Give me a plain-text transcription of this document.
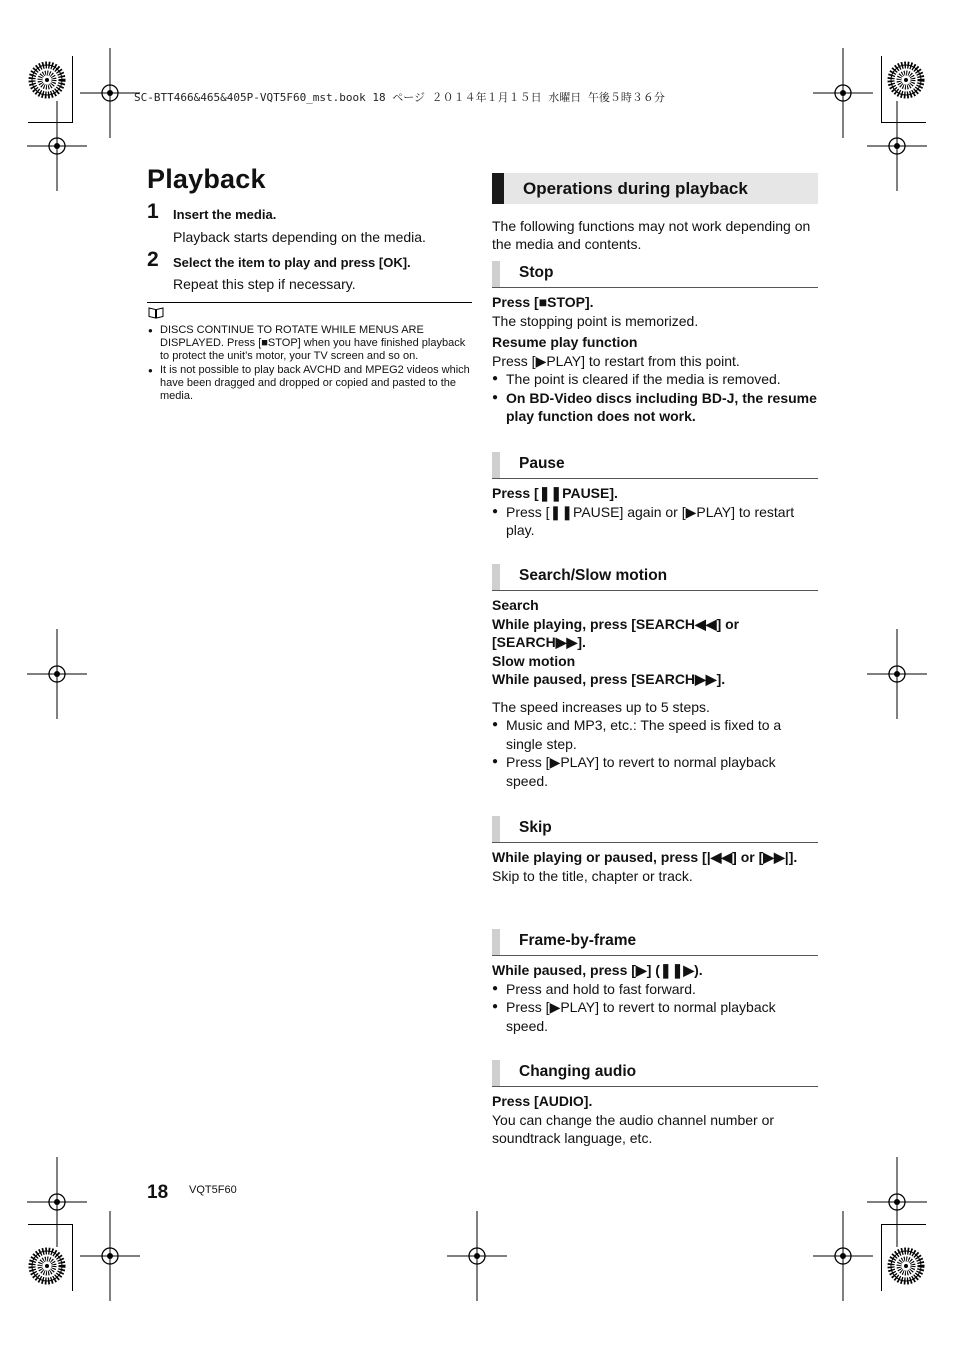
SC-BTT466&465&405P-VQT5F60_mst.book 18 ページ ２０１４年１月１５日 水曜日 午後５時３６分
Playback
1 Insert the media.
Playback starts depending on the media.
2 Select the item to play and press [OK].
Repeat this step if necessary.
● DISCS CONTINUE TO ROTATE WHILE MENUS ARE DISPLAYED. Press [■STOP] when you have finished playback to protect the unit’s motor, your TV screen and so on.
● It is not possible to play back AVCHD and MPEG2 videos which have been dragged and dropped or copied and pasted to the media.
Operations during playback
The following functions may not work depending on the media and contents.
Stop
Press [■STOP].
The stopping point is memorized.
Resume play function
Press [▶PLAY] to restart from this point.
● The point is cleared if the media is removed.
● On BD-Video discs including BD-J, the resume play function does not work.
Pause
Press [❚❚PAUSE].
● Press [❚❚PAUSE] again or [▶PLAY] to restart play.
Search/Slow motion
Search
While playing, press [SEARCH◀◀] or [SEARCH▶▶].
Slow motion
While paused, press [SEARCH▶▶].
The speed increases up to 5 steps.
● Music and MP3, etc.: The speed is fixed to a single step.
● Press [▶PLAY] to revert to normal playback speed.
Skip
While playing or paused, press [|◀◀] or [▶▶|].
Skip to the title, chapter or track.
Frame-by-frame
While paused, press [▶] (❚❚▶).
● Press and hold to fast forward.
● Press [▶PLAY] to revert to normal playback speed.
Changing audio
Press [AUDIO].
You can change the audio channel number or soundtrack language, etc.
18 VQT5F60
